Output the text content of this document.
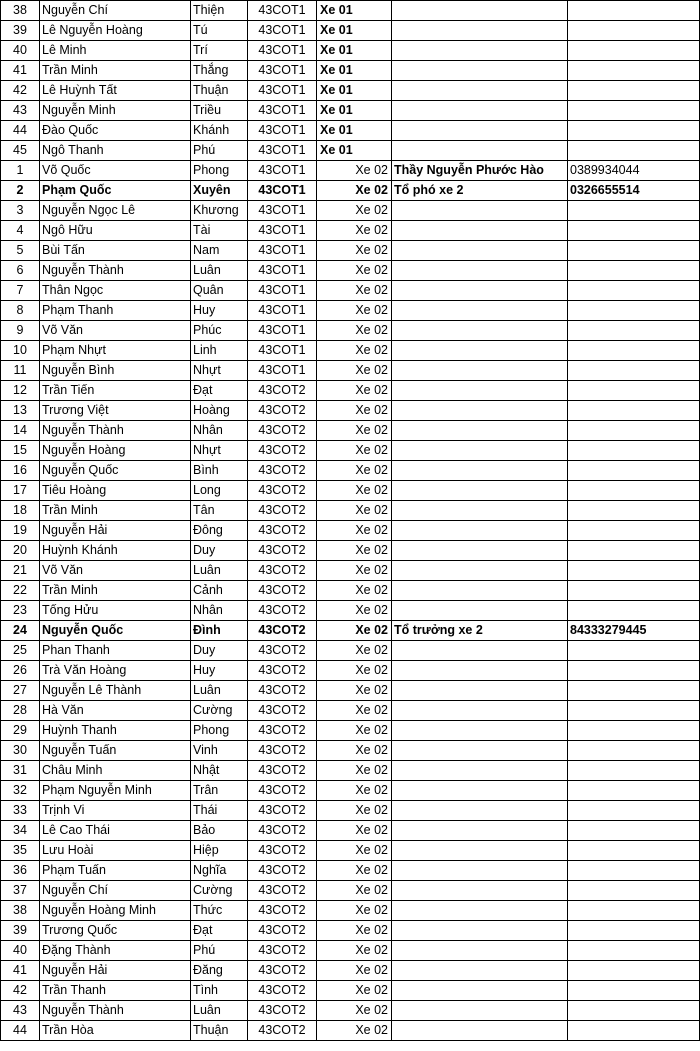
38	Nguyễn Chí	Thiện	43COT1	Xe 01		
39	Lê Nguyễn Hoàng	Tú	43COT1	Xe 01		
40	Lê Minh	Trí	43COT1	Xe 01		
41	Trần Minh	Thắng	43COT1	Xe 01		
42	Lê Huỳnh Tất	Thuận	43COT1	Xe 01		
43	Nguyễn Minh	Triều	43COT1	Xe 01		
44	Đào Quốc	Khánh	43COT1	Xe 01		
45	Ngô Thanh	Phú	43COT1	Xe 01		
1	Võ Quốc	Phong	43COT1	Xe 02	Thầy Nguyễn Phước Hào	0389934044
2	Phạm Quốc	Xuyên	43COT1	Xe 02	Tổ phó xe 2	0326655514
3	Nguyễn Ngọc Lê	Khương	43COT1	Xe 02		
4	Ngô Hữu	Tài	43COT1	Xe 02		
5	Bùi Tấn	Nam	43COT1	Xe 02		
6	Nguyễn Thành	Luân	43COT1	Xe 02		
7	Thân Ngọc	Quân	43COT1	Xe 02		
8	Phạm Thanh	Huy	43COT1	Xe 02		
9	Võ Văn	Phúc	43COT1	Xe 02		
10	Phạm Nhựt	Linh	43COT1	Xe 02		
11	Nguyễn Bình	Nhựt	43COT1	Xe 02		
12	Trần Tiến	Đạt	43COT2	Xe 02		
13	Trương Việt	Hoàng	43COT2	Xe 02		
14	Nguyễn Thành	Nhân	43COT2	Xe 02		
15	Nguyễn Hoàng	Nhựt	43COT2	Xe 02		
16	Nguyễn Quốc	Bình	43COT2	Xe 02		
17	Tiêu Hoàng	Long	43COT2	Xe 02		
18	Trần Minh	Tân	43COT2	Xe 02		
19	Nguyễn Hải	Đông	43COT2	Xe 02		
20	Huỳnh Khánh	Duy	43COT2	Xe 02		
21	Võ Văn	Luân	43COT2	Xe 02		
22	Trần Minh	Cảnh	43COT2	Xe 02		
23	Tống Hửu	Nhân	43COT2	Xe 02		
24	Nguyễn Quốc	Đình	43COT2	Xe 02	Tổ trưởng xe 2	84333279445
25	Phan Thanh	Duy	43COT2	Xe 02		
26	Trà Văn Hoàng	Huy	43COT2	Xe 02		
27	Nguyễn Lê Thành	Luân	43COT2	Xe 02		
28	Hà Văn	Cường	43COT2	Xe 02		
29	Huỳnh Thanh	Phong	43COT2	Xe 02		
30	Nguyễn Tuấn	Vinh	43COT2	Xe 02		
31	Châu Minh	Nhật	43COT2	Xe 02		
32	Phạm Nguyễn Minh	Trân	43COT2	Xe 02		
33	Trịnh Vi	Thái	43COT2	Xe 02		
34	Lê Cao Thái	Bảo	43COT2	Xe 02		
35	Lưu Hoài	Hiệp	43COT2	Xe 02		
36	Phạm Tuấn	Nghĩa	43COT2	Xe 02		
37	Nguyễn Chí	Cường	43COT2	Xe 02		
38	Nguyễn Hoàng Minh	Thức	43COT2	Xe 02		
39	Trương Quốc	Đạt	43COT2	Xe 02		
40	Đặng Thành	Phú	43COT2	Xe 02		
41	Nguyễn Hải	Đăng	43COT2	Xe 02		
42	Trần Thanh	Tình	43COT2	Xe 02		
43	Nguyễn Thành	Luân	43COT2	Xe 02		
44	Trần Hòa	Thuận	43COT2	Xe 02		
